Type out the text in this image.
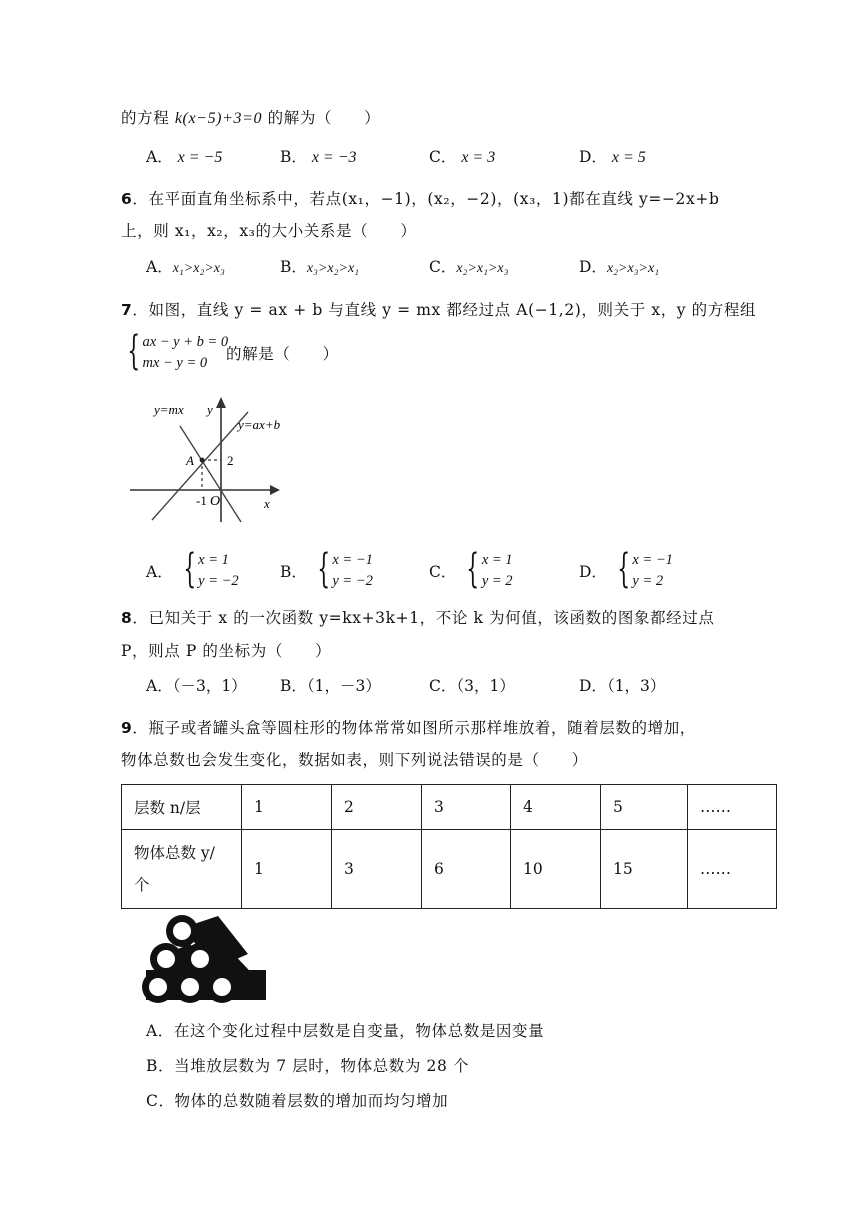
的方程 k(x−5)+3=0 的解为（　　）
A． x = −5	B． x = −3	C． x = 3	D． x = 5
6．在平面直角坐标系中，若点(x₁，−1)，(x₂，−2)，(x₃，1)都在直线 y=−2x+b
上，则 x₁，x₂，x₃的大小关系是（　　）
A．x₁>x₂>x₃	B．x₃>x₂>x₁	C．x₂>x₁>x₃	D．x₂>x₃>x₁
7．如图，直线 y = ax + b 与直线 y = mx 都经过点 A(−1,2)，则关于 x，y 的方程组
{ ax − y + b = 0
mx − y = 0	的解是（　　）
y=mx y
y=ax+b
A	2
-1 O	x
A． { x = 1
y = −2	B． { x = −1
y = −2	C． { x = 1
y = 2	D． { x = −1
y = 2
8．已知关于 x 的一次函数 y=kx+3k+1，不论 k 为何值，该函数的图象都经过点
P，则点 P 的坐标为（　　）
A．（－3，1） B．（1，－3）	C．（3，1）	D．（1，3）
9．瓶子或者罐头盒等圆柱形的物体常常如图所示那样堆放着，随着层数的增加，
物体总数也会发生变化，数据如表，则下列说法错误的是（　　）
层数 n/层	1	2	3	4	5	……

物体总数 y/
个	1	3	6	10	15	……
A．在这个变化过程中层数是自变量，物体总数是因变量
B．当堆放层数为 7 层时，物体总数为 28 个
C．物体的总数随着层数的增加而均匀增加
